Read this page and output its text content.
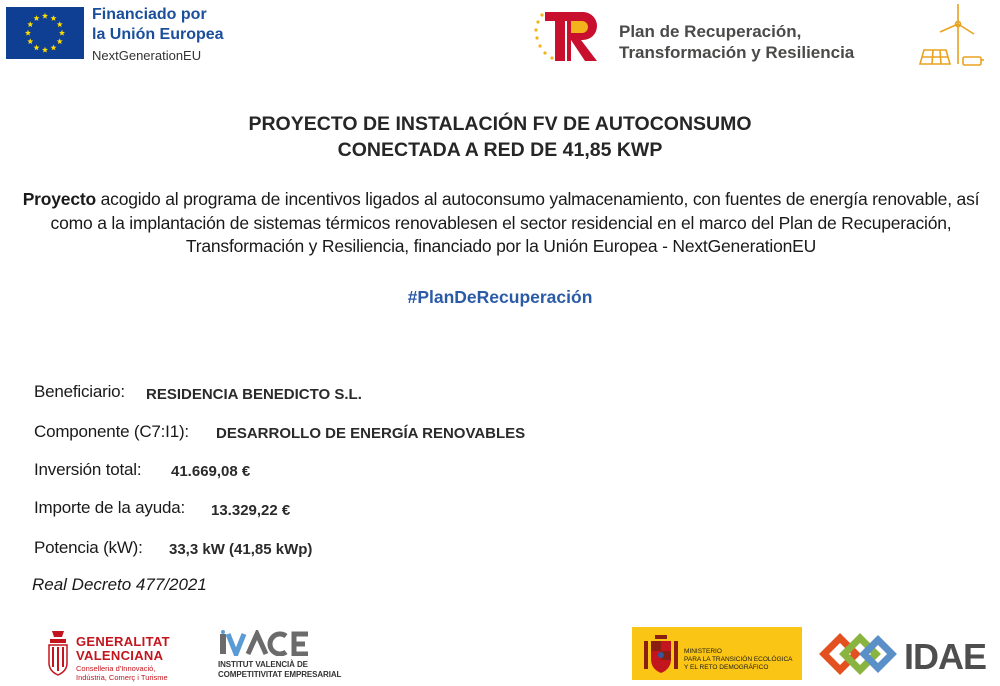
Financiado por
la Unión Europea
NextGenerationEU
Plan de Recuperación,
Transformación y Resiliencia
PROYECTO DE INSTALACIÓN FV DE AUTOCONSUMO
CONECTADA A RED DE 41,85 KWP
Proyecto acogido al programa de incentivos ligados al autoconsumo yalmacenamiento, con fuentes de energía renovable, así como a la implantación de sistemas térmicos renovablesen el sector residencial en el marco del Plan de Recuperación, Transformación y Resiliencia, financiado por la Unión Europea - NextGenerationEU
#PlanDeRecuperación
Beneficiario: RESIDENCIA BENEDICTO S.L.
Componente (C7:I1): DESARROLLO DE ENERGÍA RENOVABLES
Inversión total: 41.669,08 €
Importe de la ayuda: 13.329,22 €
Potencia (kW): 33,3 kW (41,85 kWp)
Real Decreto 477/2021
GENERALITAT
VALENCIANA
Conselleria d'Innovació,
Indústria, Comerç i Turisme
INSTITUT VALENCIÀ DE
COMPETITIVITAT EMPRESARIAL
MINISTERIO
PARA LA TRANSICIÓN ECOLÓGICA
Y EL RETO DEMOGRÁFICO	IDAE
